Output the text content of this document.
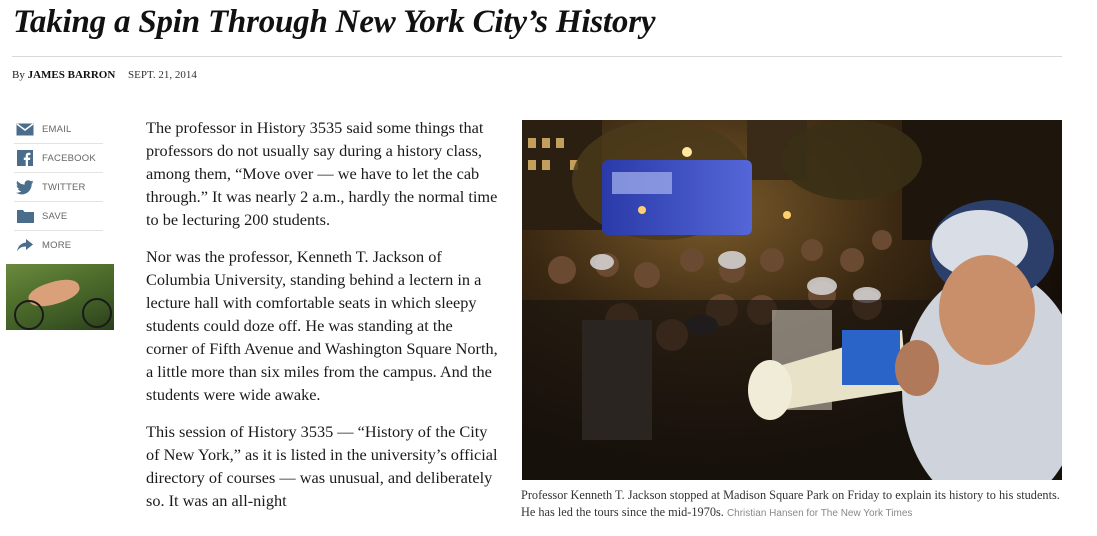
Taking a Spin Through New York City’s History
By JAMES BARRON SEPT. 21, 2014
EMAIL
FACEBOOK
TWITTER
SAVE
MORE

The professor in History 3535 said some things that professors do not usually say during a history class, among them, “Move over — we have to let the cab through.” It was nearly 2 a.m., hardly the normal time to be lecturing 200 students.

Nor was the professor, Kenneth T. Jackson of Columbia University, standing behind a lectern in a lecture hall with comfortable seats in which sleepy students could doze off. He was standing at the corner of Fifth Avenue and Washington Square North, a little more than six miles from the campus. And the students were wide awake.

This session of History 3535 — “History of the City of New York,” as it is listed in the university’s official directory of courses — was unusual, and deliberately so. It was an all-night	Professor Kenneth T. Jackson stopped at Madison Square Park on Friday to explain its history to his students. He has led the tours since the mid-1970s. Christian Hansen for The New York Times
